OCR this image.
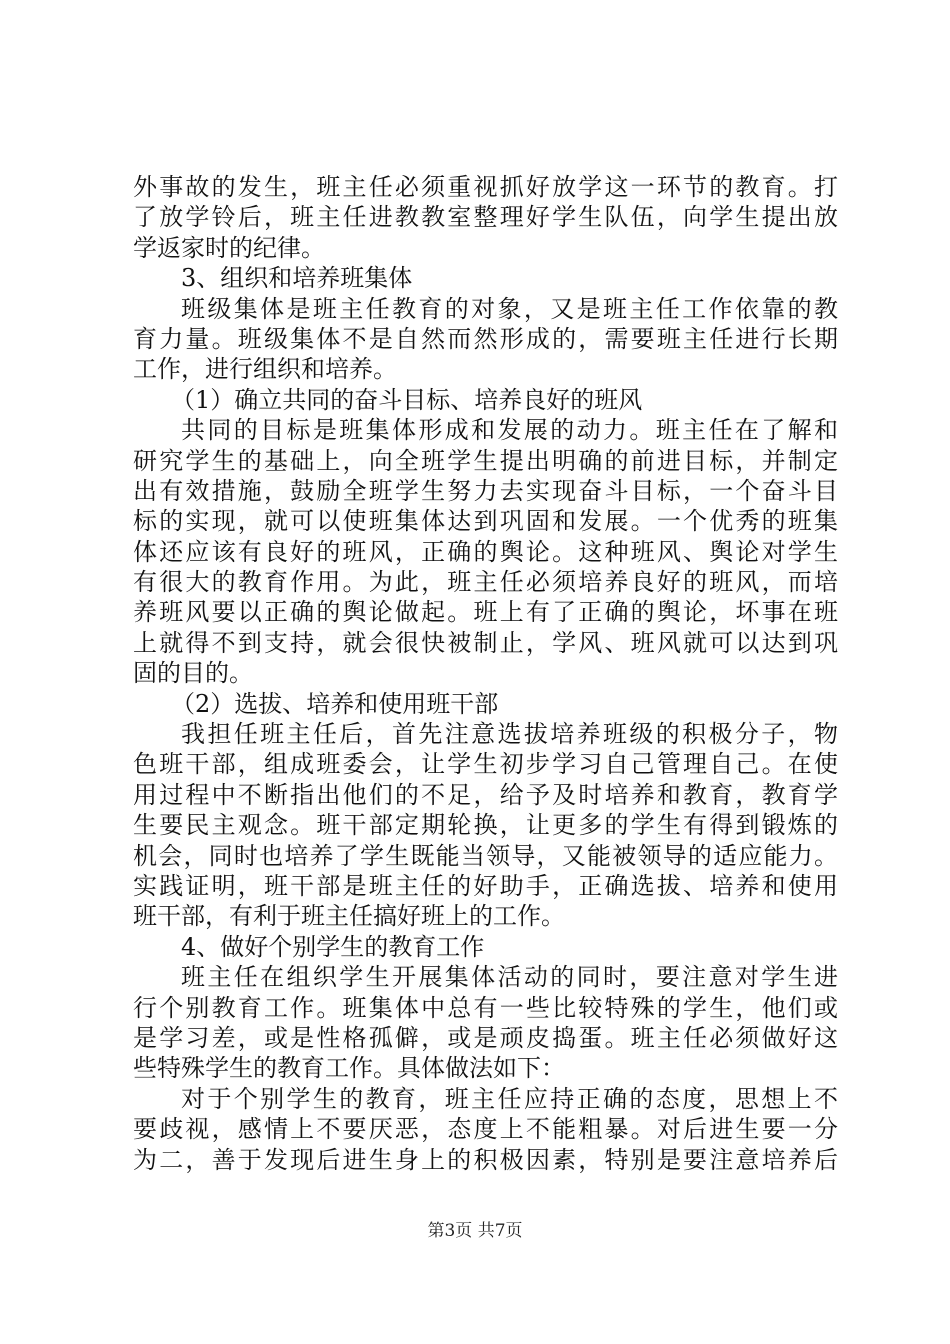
外事故的发生，班主任必须重视抓好放学这一环节的教育。打
了放学铃后，班主任进教教室整理好学生队伍，向学生提出放
学返家时的纪律。
3、组织和培养班集体
班级集体是班主任教育的对象，又是班主任工作依靠的教
育力量。班级集体不是自然而然形成的，需要班主任进行长期
工作，进行组织和培养。
（1）确立共同的奋斗目标、培养良好的班风
共同的目标是班集体形成和发展的动力。班主任在了解和
研究学生的基础上，向全班学生提出明确的前进目标，并制定
出有效措施，鼓励全班学生努力去实现奋斗目标，一个奋斗目
标的实现，就可以使班集体达到巩固和发展。一个优秀的班集
体还应该有良好的班风，正确的舆论。这种班风、舆论对学生
有很大的教育作用。为此，班主任必须培养良好的班风，而培
养班风要以正确的舆论做起。班上有了正确的舆论，坏事在班
上就得不到支持，就会很快被制止，学风、班风就可以达到巩
固的目的。
（2）选拔、培养和使用班干部
我担任班主任后，首先注意选拔培养班级的积极分子，物
色班干部，组成班委会，让学生初步学习自己管理自己。在使
用过程中不断指出他们的不足，给予及时培养和教育，教育学
生要民主观念。班干部定期轮换，让更多的学生有得到锻炼的
机会，同时也培养了学生既能当领导，又能被领导的适应能力。
实践证明，班干部是班主任的好助手，正确选拔、培养和使用
班干部，有利于班主任搞好班上的工作。
4、做好个别学生的教育工作
班主任在组织学生开展集体活动的同时，要注意对学生进
行个别教育工作。班集体中总有一些比较特殊的学生，他们或
是学习差，或是性格孤僻，或是顽皮捣蛋。班主任必须做好这
些特殊学生的教育工作。具体做法如下：
对于个别学生的教育，班主任应持正确的态度，思想上不
要歧视，感情上不要厌恶，态度上不能粗暴。对后进生要一分
为二，善于发现后进生身上的积极因素，特别是要注意培养后
第3页 共7页
